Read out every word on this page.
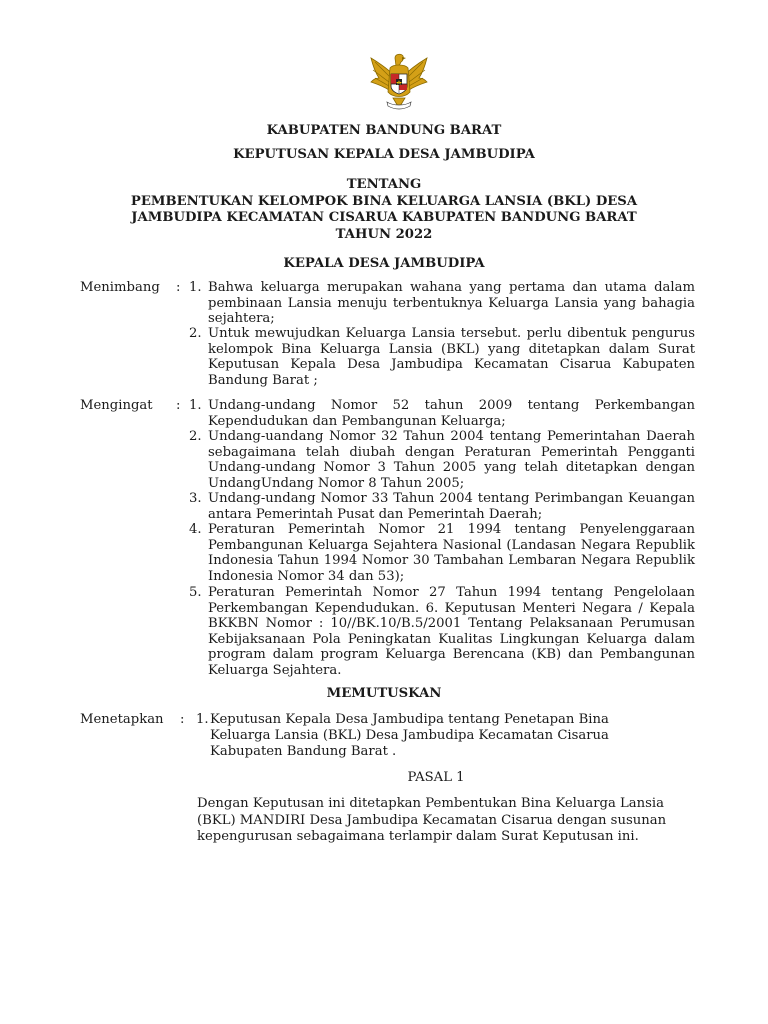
KABUPATEN BANDUNG BARAT
KEPUTUSAN KEPALA DESA JAMBUDIPA
TENTANG
PEMBENTUKAN KELOMPOK BINA KELUARGA LANSIA (BKL) DESA
JAMBUDIPA KECAMATAN CISARUA KABUPATEN BANDUNG BARAT
TAHUN 2022
KEPALA DESA JAMBUDIPA
Menimbang : 1. Bahwa keluarga merupakan wahana yang pertama dan utama dalam pembinaan Lansia menuju terbentuknya Keluarga Lansia yang bahagia sejahtera;
2. Untuk mewujudkan Keluarga Lansia tersebut. perlu dibentuk pengurus kelompok Bina Keluarga Lansia (BKL) yang ditetapkan dalam Surat Keputusan Kepala Desa Jambudipa Kecamatan Cisarua Kabupaten Bandung Barat ;
Mengingat : 1. Undang-undang Nomor 52 tahun 2009 tentang Perkembangan Kependudukan dan Pembangunan Keluarga;
2. Undang-uandang Nomor 32 Tahun 2004 tentang Pemerintahan Daerah sebagaimana telah diubah dengan Peraturan Pemerintah Pengganti Undang-undang Nomor 3 Tahun 2005 yang telah ditetapkan dengan UndangUndang Nomor 8 Tahun 2005;
3. Undang-undang Nomor 33 Tahun 2004 tentang Perimbangan Keuangan antara Pemerintah Pusat dan Pemerintah Daerah;
4. Peraturan Pemerintah Nomor 21 1994 tentang Penyelenggaraan Pembangunan Keluarga Sejahtera Nasional (Landasan Negara Republik Indonesia Tahun 1994 Nomor 30 Tambahan Lembaran Negara Republik Indonesia Nomor 34 dan 53);
5. Peraturan Pemerintah Nomor 27 Tahun 1994 tentang Pengelolaan Perkembangan Kependudukan. 6. Keputusan Menteri Negara / Kepala BKKBN Nomor : 10//BK.10/B.5/2001 Tentang Pelaksanaan Perumusan Kebijaksanaan Pola Peningkatan Kualitas Lingkungan Keluarga dalam program dalam program Keluarga Berencana (KB) dan Pembangunan Keluarga Sejahtera.
MEMUTUSKAN
Menetapkan : 1. Keputusan Kepala Desa Jambudipa tentang Penetapan Bina Keluarga Lansia (BKL) Desa Jambudipa Kecamatan Cisarua Kabupaten Bandung Barat .
PASAL 1
Dengan Keputusan ini ditetapkan Pembentukan Bina Keluarga Lansia (BKL) MANDIRI Desa Jambudipa Kecamatan Cisarua dengan susunan kepengurusan sebagaimana terlampir dalam Surat Keputusan ini.
